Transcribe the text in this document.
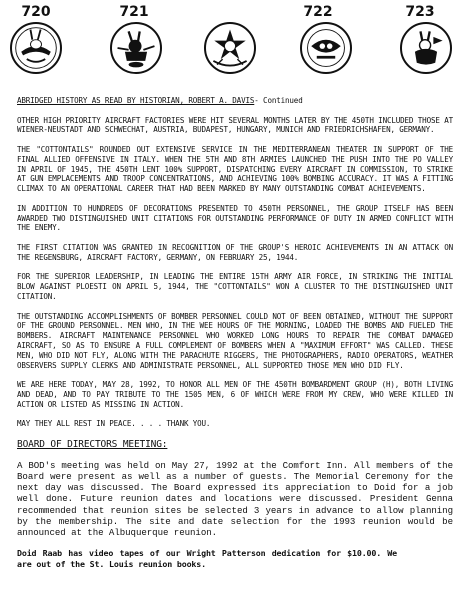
720	721	722	723

ABRIDGED HISTORY AS READ BY HISTORIAN, ROBERT A. DAVIS- Continued

OTHER HIGH PRIORITY AIRCRAFT FACTORIES WERE HIT SEVERAL MONTHS LATER BY THE 450TH INCLUDED THOSE AT WIENER-NEUSTADT AND SCHWECHAT, AUSTRIA, BUDAPEST, HUNGARY, MUNICH AND FRIEDRICHSHAFEN, GERMANY.

THE "COTTONTAILS" ROUNDED OUT EXTENSIVE SERVICE IN THE MEDITERRANEAN THEATER IN SUPPORT OF THE FINAL ALLIED OFFENSIVE IN ITALY. WHEN THE 5TH AND 8TH ARMIES LAUNCHED THE PUSH INTO THE PO VALLEY IN APRIL OF 1945, THE 450TH LENT 100% SUPPORT, DISPATCHING EVERY AIRCRAFT IN COMMISSION, TO STRIKE AT GUN EMPLACEMENTS AND TROOP CONCENTRATIONS, AND ACHIEVING 100% BOMBING ACCURACY. IT WAS A FITTING CLIMAX TO AN OPERATIONAL CAREER THAT HAD BEEN MARKED BY MANY OUTSTANDING COMBAT ACHIEVEMENTS.

IN ADDITION TO HUNDREDS OF DECORATIONS PRESENTED TO 450TH PERSONNEL, THE GROUP ITSELF HAS BEEN AWARDED TWO DISTINGUISHED UNIT CITATIONS FOR OUTSTANDING PERFORMANCE OF DUTY IN ARMED CONFLICT WITH THE ENEMY.

THE FIRST CITATION WAS GRANTED IN RECOGNITION OF THE GROUP'S HEROIC ACHIEVEMENTS IN AN ATTACK ON THE REGENSBURG, AIRCRAFT FACTORY, GERMANY, ON FEBRUARY 25, 1944.

FOR THE SUPERIOR LEADERSHIP, IN LEADING THE ENTIRE 15TH ARMY AIR FORCE, IN STRIKING THE INITIAL BLOW AGAINST PLOESTI ON APRIL 5, 1944, THE "COTTONTAILS" WON A CLUSTER TO THE DISTINGUISHED UNIT CITATION.

THE OUTSTANDING ACCOMPLISHMENTS OF BOMBER PERSONNEL COULD NOT OF BEEN OBTAINED, WITHOUT THE SUPPORT OF THE GROUND PERSONNEL. MEN WHO, IN THE WEE HOURS OF THE MORNING, LOADED THE BOMBS AND FUELED THE BOMBERS. AIRCRAFT MAINTENANCE PERSONNEL WHO WORKED LONG HOURS TO REPAIR THE COMBAT DAMAGED AIRCRAFT, SO AS TO ENSURE A FULL COMPLEMENT OF BOMBERS WHEN A "MAXIMUM EFFORT" WAS CALLED. THESE MEN, WHO DID NOT FLY, ALONG WITH THE PARACHUTE RIGGERS, THE PHOTOGRAPHERS, RADIO OPERATORS, WEATHER OBSERVERS SUPPLY CLERKS AND ADMINISTRATE PERSONNEL, ALL SUPPORTED THOSE MEN WHO DID FLY.

WE ARE HERE TODAY, MAY 28, 1992, TO HONOR ALL MEN OF THE 450TH BOMBARDMENT GROUP (H), BOTH LIVING AND DEAD, AND TO PAY TRIBUTE TO THE 1505 MEN, 6 OF WHICH WERE FROM MY CREW, WHO WERE KILLED IN ACTION OR LISTED AS MISSING IN ACTION.

MAY THEY ALL REST IN PEACE. . . . THANK YOU.

BOARD OF DIRECTORS MEETING:

A BOD's meeting was held on May 27, 1992 at the Comfort Inn. All members of the Board were present as well as a number of guests. The Memorial Ceremony for the next day was discussed. The Board expressed its appreciation to Doid for a job well done. Future reunion dates and locations were discussed. President Genna recommended that reunion sites be selected 3 years in advance to allow planning by the membership. The site and date selection for the 1993 reunion would be announced at the Albuquerque reunion.

Doid Raab has video tapes of our Wright Patterson dedication for $10.00. We are out of the St. Louis reunion books.
